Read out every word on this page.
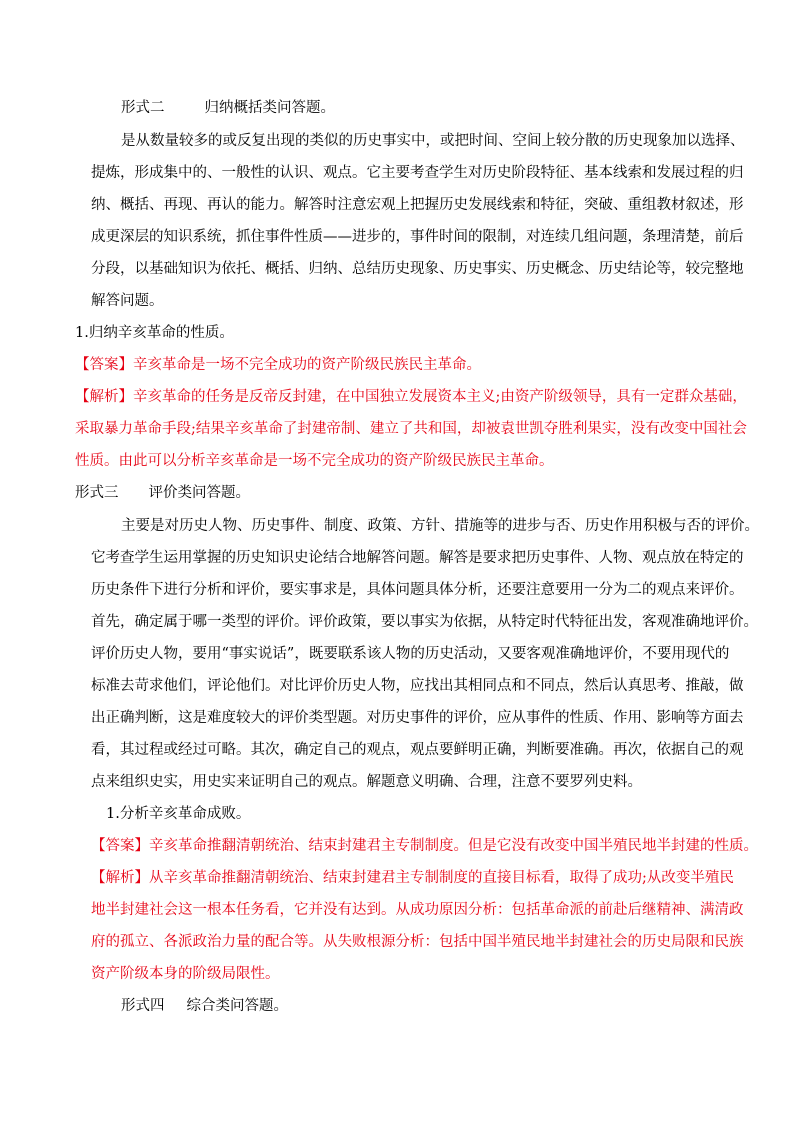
形式二	归纳概括类问答题。
是从数量较多的或反复出现的类似的历史事实中，或把时间、空间上较分散的历史现象加以选择、
提炼，形成集中的、一般性的认识、观点。它主要考查学生对历史阶段特征、基本线索和发展过程的归
纳、概括、再现、再认的能力。解答时注意宏观上把握历史发展线索和特征，突破、重组教材叙述，形
成更深层的知识系统，抓住事件性质——进步的，事件时间的限制，对连续几组问题，条理清楚，前后
分段，以基础知识为依托、概括、归纳、总结历史现象、历史事实、历史概念、历史结论等，较完整地
解答问题。
1.归纳辛亥革命的性质。
【答案】辛亥革命是一场不完全成功的资产阶级民族民主革命。
【解析】辛亥革命的任务是反帝反封建，在中国独立发展资本主义;由资产阶级领导，具有一定群众基础，
采取暴力革命手段;结果辛亥革命了封建帝制、建立了共和国，却被袁世凯夺胜利果实，没有改变中国社会
性质。由此可以分析辛亥革命是一场不完全成功的资产阶级民族民主革命。
形式三 评价类问答题。
主要是对历史人物、历史事件、制度、政策、方针、措施等的进步与否、历史作用积极与否的评价。
它考查学生运用掌握的历史知识史论结合地解答问题。解答是要求把历史事件、人物、观点放在特定的
历史条件下进行分析和评价，要实事求是，具体问题具体分析，还要注意要用一分为二的观点来评价。
首先，确定属于哪一类型的评价。评价政策，要以事实为依据，从特定时代特征出发，客观准确地评价。
评价历史人物，要用“事实说话”，既要联系该人物的历史活动，又要客观准确地评价，不要用现代的
标准去苛求他们，评论他们。对比评价历史人物，应找出其相同点和不同点，然后认真思考、推敲，做
出正确判断，这是难度较大的评价类型题。对历史事件的评价，应从事件的性质、作用、影响等方面去
看，其过程或经过可略。其次，确定自己的观点，观点要鲜明正确，判断要准确。再次，依据自己的观
点来组织史实，用史实来证明自己的观点。解题意义明确、合理，注意不要罗列史料。
1.分析辛亥革命成败。
【答案】辛亥革命推翻清朝统治、结束封建君主专制制度。但是它没有改变中国半殖民地半封建的性质。
【解析】从辛亥革命推翻清朝统治、结束封建君主专制制度的直接目标看，取得了成功;从改变半殖民
地半封建社会这一根本任务看，它并没有达到。从成功原因分析：包括革命派的前赴后继精神、满清政
府的孤立、各派政治力量的配合等。从失败根源分析：包括中国半殖民地半封建社会的历史局限和民族
资产阶级本身的阶级局限性。
形式四 综合类问答题。
